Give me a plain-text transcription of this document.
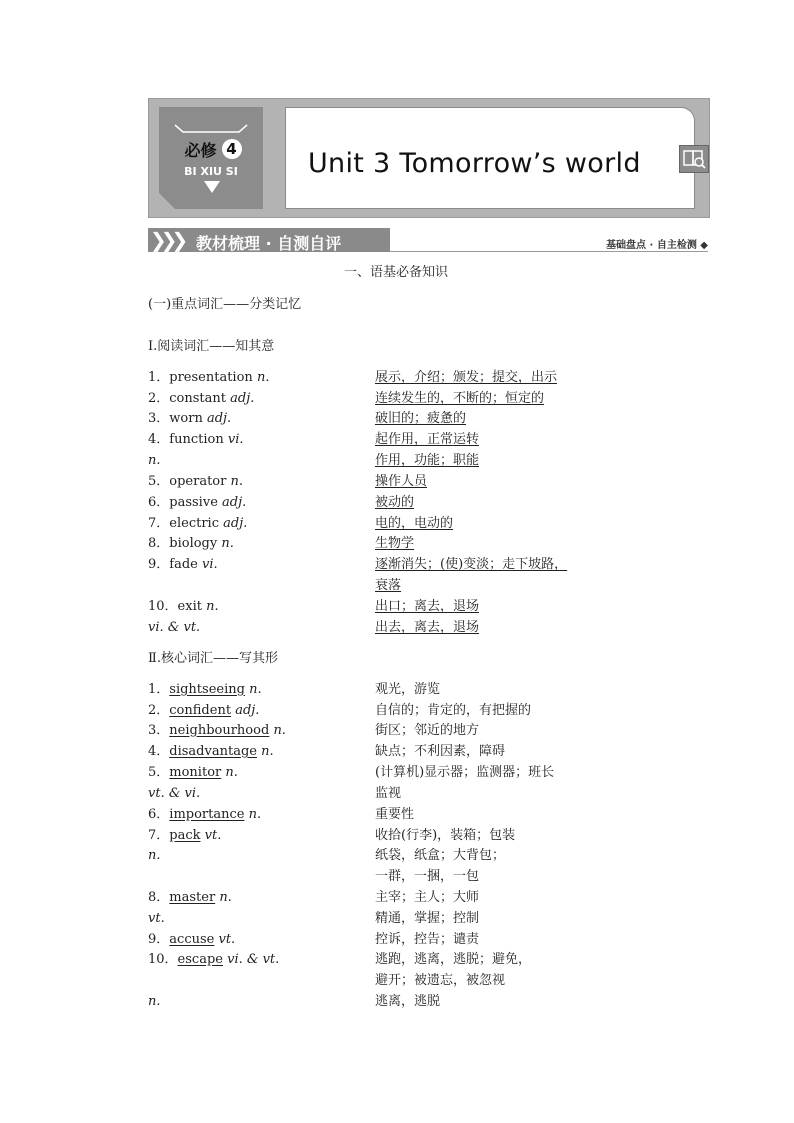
必修 4
BI XIU SI	Unit 3 Tomorrow’s world
❯❯❯ 教材梳理 · 自测自评	基础盘点 · 自主检测 ◆
一、语基必备知识
(一)重点词汇——分类记忆
Ⅰ.阅读词汇——知其意
1．presentation n．	展示，介绍；颁发；提交，出示
2．constant adj.	连续发生的，不断的；恒定的
3．worn adj.	破旧的；疲惫的
4．function vi.	起作用，正常运转
n.	作用，功能；职能
5．operator n.	操作人员
6．passive adj.	被动的
7．electric adj.	电的，电动的
8．biology n.	生物学
9．fade vi.	逐渐消失；(使)变淡；走下坡路，
衰落
10．exit n.	出口；离去，退场
vi. & vt.	出去，离去，退场
Ⅱ.核心词汇——写其形
1．sightseeing n.	观光，游览
2．confident adj.	自信的；肯定的，有把握的
3．neighbourhood n.	街区；邻近的地方
4．disadvantage n.	缺点；不利因素，障碍
5．monitor n.	(计算机)显示器；监测器；班长
vt. & vi.	监视
6．importance n.	重要性
7．pack vt.	收拾(行李)，装箱；包装
n.	纸袋，纸盒；大背包；
一群，一捆，一包
8．master n.	主宰；主人；大师
vt.	精通，掌握；控制
9．accuse vt.	控诉，控告；谴责
10．escape vi. & vt.	逃跑，逃离，逃脱；避免，
避开；被遗忘，被忽视
n.	逃离，逃脱
